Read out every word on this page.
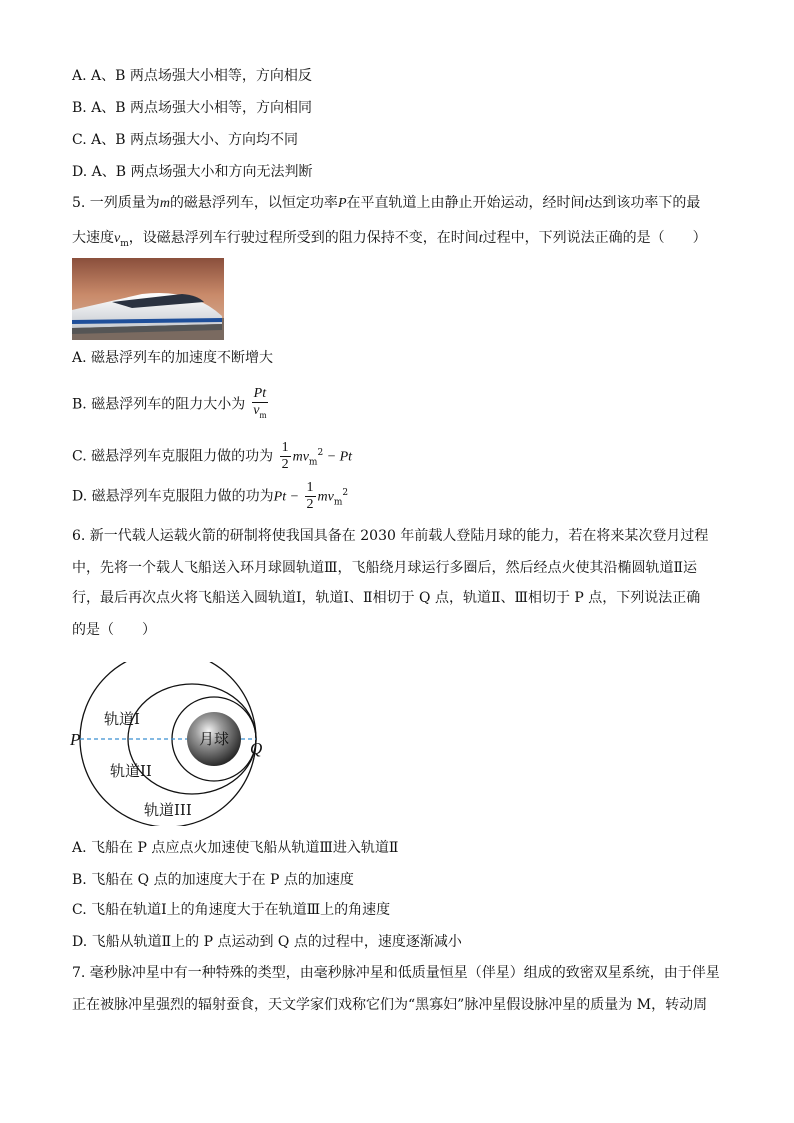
A. A、B 两点场强大小相等，方向相反
B. A、B 两点场强大小相等，方向相同
C. A、B 两点场强大小、方向均不同
D. A、B 两点场强大小和方向无法判断
5. 一列质量为m的磁悬浮列车，以恒定功率P在平直轨道上由静止开始运动，经时间t达到该功率下的最
大速度$v_m$，设磁悬浮列车行驶过程所受到的阻力保持不变，在时间t过程中，下列说法正确的是（　　）
A. 磁悬浮列车的加速度不断增大
B. 磁悬浮列车的阻力大小为 $\frac{Pt}{v_m}$
C. 磁悬浮列车克服阻力做的功为 $\frac{1}{2} mv_m^2 - Pt$
D. 磁悬浮列车克服阻力做的功为$Pt - \frac{1}{2} mv_m^2$
6. 新一代载人运载火箭的研制将使我国具备在 2030 年前载人登陆月球的能力，若在将来某次登月过程
中，先将一个载人飞船送入环月球圆轨道Ⅲ，飞船绕月球运行多圈后，然后经点火使其沿椭圆轨道Ⅱ运
行，最后再次点火将飞船送入圆轨道Ⅰ，轨道Ⅰ、Ⅱ相切于 Q 点，轨道Ⅱ、Ⅲ相切于 P 点，下列说法正确
的是（　　）
月球
轨道I
轨道II
轨道III
P	Q
A. 飞船在 P 点应点火加速使飞船从轨道Ⅲ进入轨道Ⅱ
B. 飞船在 Q 点的加速度大于在 P 点的加速度
C. 飞船在轨道Ⅰ上的角速度大于在轨道Ⅲ上的角速度
D. 飞船从轨道Ⅱ上的 P 点运动到 Q 点的过程中，速度逐渐减小
7. 毫秒脉冲星中有一种特殊的类型，由毫秒脉冲星和低质量恒星（伴星）组成的致密双星系统，由于伴星
正在被脉冲星强烈的辐射蚕食，天文学家们戏称它们为“黑寡妇”脉冲星假设脉冲星的质量为 M，转动周
